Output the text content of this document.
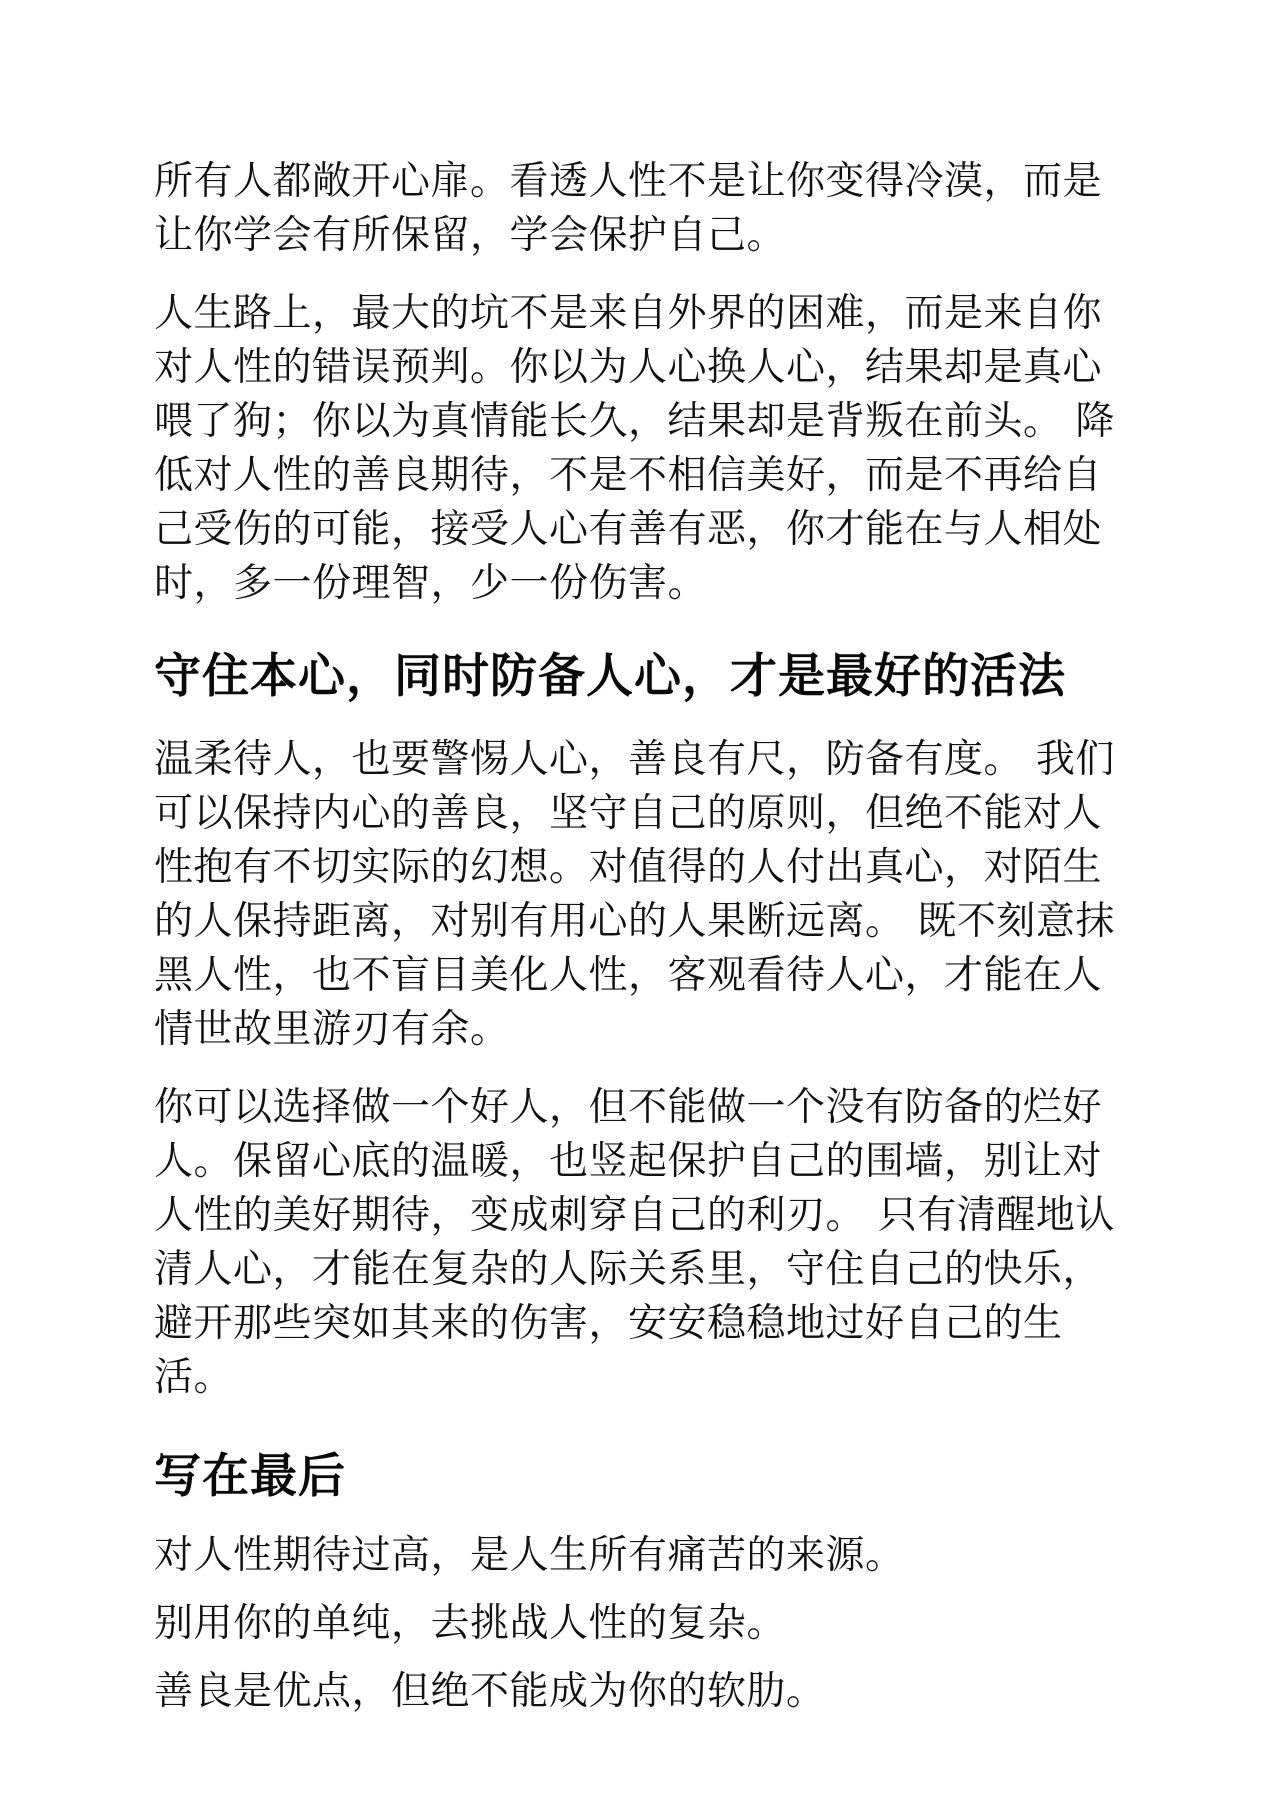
所有人都敞开心扉。看透人性不是让你变得冷漠，而是让你学会有所保留，学会保护自己。

人生路上，最大的坑不是来自外界的困难，而是来自你对人性的错误预判。你以为人心换人心，结果却是真心喂了狗；你以为真情能长久，结果却是背叛在前头。 降低对人性的善良期待，不是不相信美好，而是不再给自己受伤的可能，接受人心有善有恶，你才能在与人相处时，多一份理智，少一份伤害。

守住本心，同时防备人心，才是最好的活法

温柔待人，也要警惕人心，善良有尺，防备有度。 我们可以保持内心的善良，坚守自己的原则，但绝不能对人性抱有不切实际的幻想。对值得的人付出真心，对陌生的人保持距离，对别有用心的人果断远离。 既不刻意抹黑人性，也不盲目美化人性，客观看待人心，才能在人情世故里游刃有余。

你可以选择做一个好人，但不能做一个没有防备的烂好人。保留心底的温暖，也竖起保护自己的围墙，别让对人性的美好期待，变成刺穿自己的利刃。 只有清醒地认清人心，才能在复杂的人际关系里，守住自己的快乐，避开那些突如其来的伤害，安安稳稳地过好自己的生活。

写在最后

对人性期待过高，是人生所有痛苦的来源。

别用你的单纯，去挑战人性的复杂。

善良是优点，但绝不能成为你的软肋。
